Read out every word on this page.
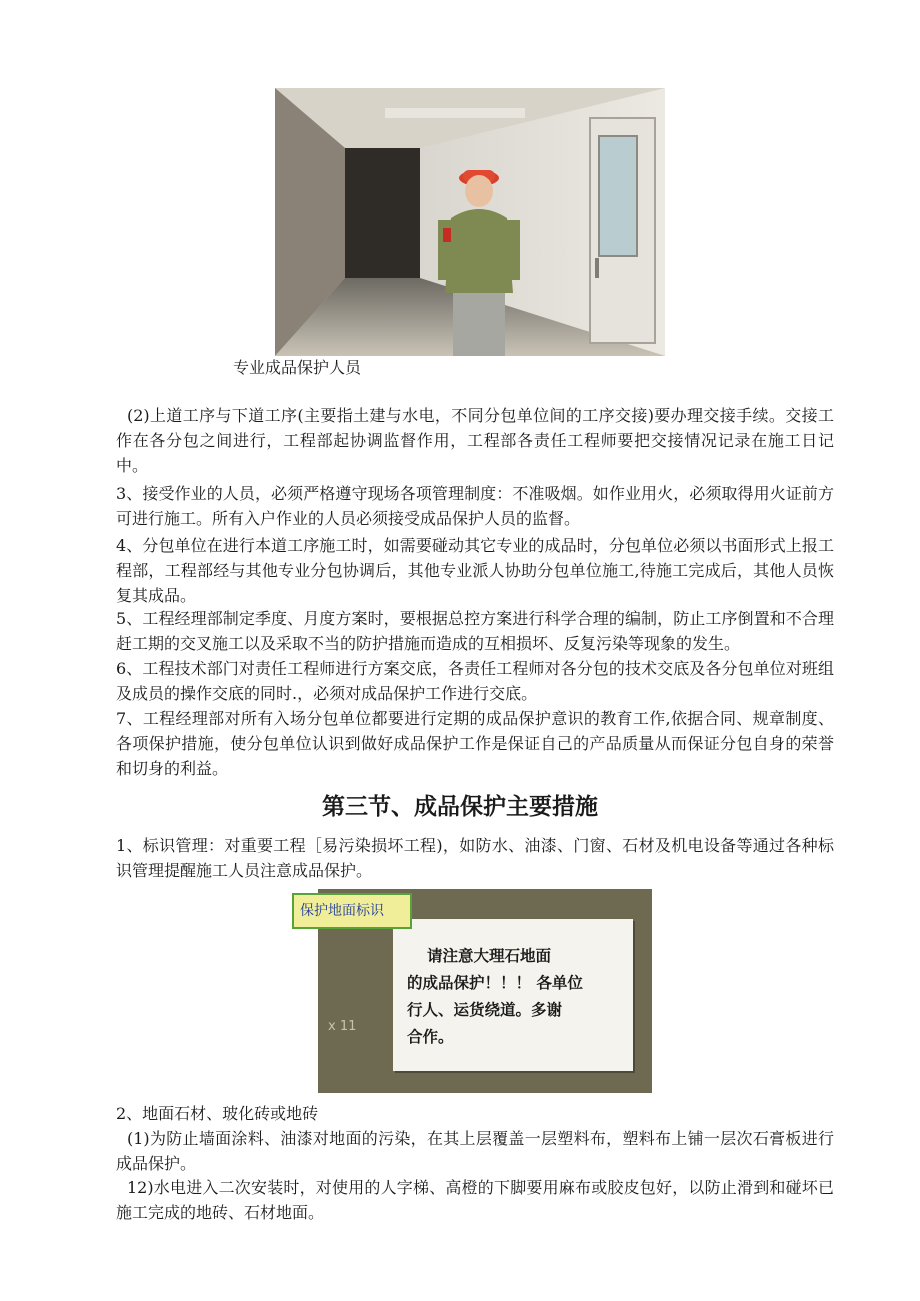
专业成品保护人员

(2)上道工序与下道工序(主要指土建与水电，不同分包单位间的工序交接)要办理交接手续。交接工作在各分包之间进行，工程部起协调监督作用，工程部各责任工程师要把交接情况记录在施工日记中。

3、接受作业的人员，必须严格遵守现场各项管理制度：不准吸烟。如作业用火，必须取得用火证前方可进行施工。所有入户作业的人员必须接受成品保护人员的监督。

4、分包单位在进行本道工序施工时，如需要碰动其它专业的成品时，分包单位必须以书面形式上报工程部，工程部经与其他专业分包协调后，其他专业派人协助分包单位施工,待施工完成后，其他人员恢复其成品。

5、工程经理部制定季度、月度方案时，要根据总控方案进行科学合理的编制，防止工序倒置和不合理赶工期的交叉施工以及采取不当的防护措施而造成的互相损坏、反复污染等现象的发生。

6、工程技术部门对责任工程师进行方案交底，各责任工程师对各分包的技术交底及各分包单位对班组及成员的操作交底的同时.，必须对成品保护工作进行交底。

7、工程经理部对所有入场分包单位都要进行定期的成品保护意识的教育工作,依据合同、规章制度、各项保护措施，使分包单位认识到做好成品保护工作是保证自己的产品质量从而保证分包自身的荣誉和切身的利益。

第三节、成品保护主要措施

1、标识管理：对重要工程［易污染损坏工程)，如防水、油漆、门窗、石材及机电设备等通过各种标识管理提醒施工人员注意成品保护。

x 11
请注意大理石地面
的成品保护！！！ 各单位
行人、运货绕道。多谢
合作。
保护地面标识

2、地面石材、玻化砖或地砖

(1)为防止墙面涂料、油漆对地面的污染，在其上层覆盖一层塑料布，塑料布上铺一层次石膏板进行成品保护。

12)水电进入二次安装时，对使用的人字梯、高橙的下脚要用麻布或胶皮包好，以防止滑到和碰坏已施工完成的地砖、石材地面。
